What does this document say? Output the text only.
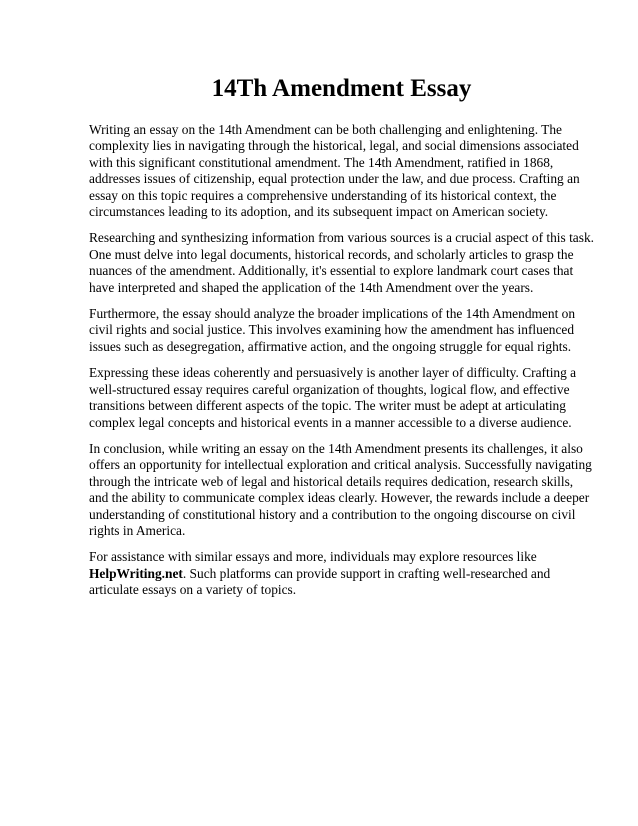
14Th Amendment Essay

Writing an essay on the 14th Amendment can be both challenging and enlightening. The complexity lies in navigating through the historical, legal, and social dimensions associated with this significant constitutional amendment. The 14th Amendment, ratified in 1868, addresses issues of citizenship, equal protection under the law, and due process. Crafting an essay on this topic requires a comprehensive understanding of its historical context, the circumstances leading to its adoption, and its subsequent impact on American society.

Researching and synthesizing information from various sources is a crucial aspect of this task. One must delve into legal documents, historical records, and scholarly articles to grasp the nuances of the amendment. Additionally, it's essential to explore landmark court cases that have interpreted and shaped the application of the 14th Amendment over the years.

Furthermore, the essay should analyze the broader implications of the 14th Amendment on civil rights and social justice. This involves examining how the amendment has influenced issues such as desegregation, affirmative action, and the ongoing struggle for equal rights.

Expressing these ideas coherently and persuasively is another layer of difficulty. Crafting a well-structured essay requires careful organization of thoughts, logical flow, and effective transitions between different aspects of the topic. The writer must be adept at articulating complex legal concepts and historical events in a manner accessible to a diverse audience.

In conclusion, while writing an essay on the 14th Amendment presents its challenges, it also offers an opportunity for intellectual exploration and critical analysis. Successfully navigating through the intricate web of legal and historical details requires dedication, research skills, and the ability to communicate complex ideas clearly. However, the rewards include a deeper understanding of constitutional history and a contribution to the ongoing discourse on civil rights in America.

For assistance with similar essays and more, individuals may explore resources like HelpWriting.net. Such platforms can provide support in crafting well-researched and articulate essays on a variety of topics.
